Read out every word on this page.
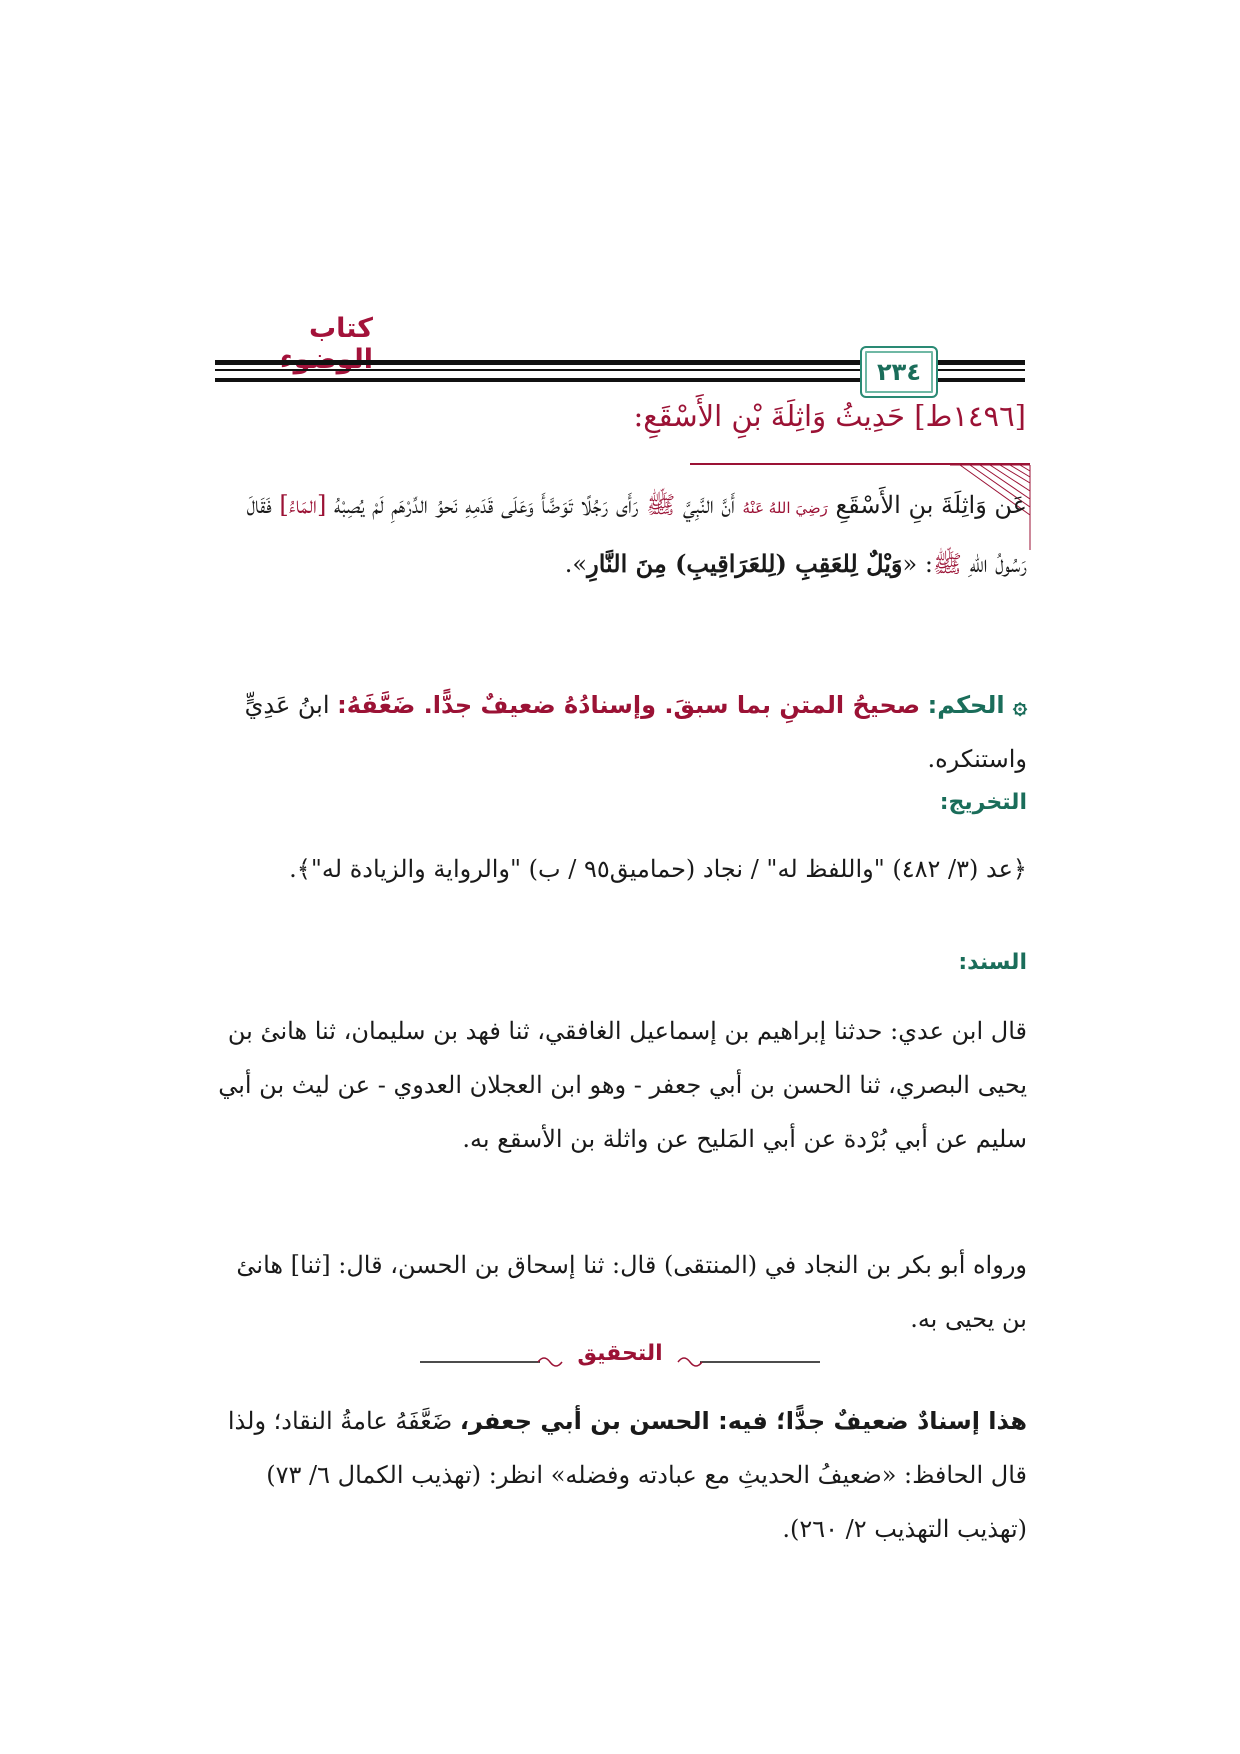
كتاب
٢٣٤
[١٤٩٦ط] حَدِيثُ وَاثِلَةَ بْنِ الأَسْقَعِ:

عَن وَاثِلَةَ بنِ الأَسْقَعِ رَضِيَ اللهُ عَنْهُ أَنَّ النَّبِيَّ ﷺ رَأَى رَجُلًا تَوَضَّأَ وَعَلَى قَدَمِهِ نَحوُ الدِّرْهَمِ لَمْ يُصِبْهُ [المَاءُ] فَقَالَ رَسُولُ اللهِ ﷺ: «وَيْلٌ لِلعَقِبِ (لِلعَرَاقِيبِ) مِنَ النَّارِ».

۞ الحكم: صحيحُ المتنِ بما سبقَ. وإسنادُهُ ضعيفٌ جدًّا. ضَعَّفَهُ: ابنُ عَدِيٍّ واستنكره.

التخريج:
﴿عد (٣/ ٤٨٢) "واللفظ له" / نجاد (حماميق٩٥ / ب) "والرواية والزيادة له"﴾.
السند:
قال ابن عدي: حدثنا إبراهيم بن إسماعيل الغافقي، ثنا فهد بن سليمان، ثنا هانئ بن يحيى البصري، ثنا الحسن بن أبي جعفر - وهو ابن العجلان العدوي - عن ليث بن أبي سليم عن أبي بُرْدة عن أبي المَليح عن واثلة بن الأسقع به.
ورواه أبو بكر بن النجاد في (المنتقى) قال: ثنا إسحاق بن الحسن، قال: [ثنا] هانئ بن يحيى به.
التحقيق

هذا إسنادٌ ضعيفٌ جدًّا؛ فيه: الحسن بن أبي جعفر، ضَعَّفَهُ عامةُ النقاد؛ ولذا قال الحافظ: «ضعيفُ الحديثِ مع عبادته وفضله» انظر: (تهذيب الكمال ٦/ ٧٣) (تهذيب التهذيب ٢/ ٢٦٠).
